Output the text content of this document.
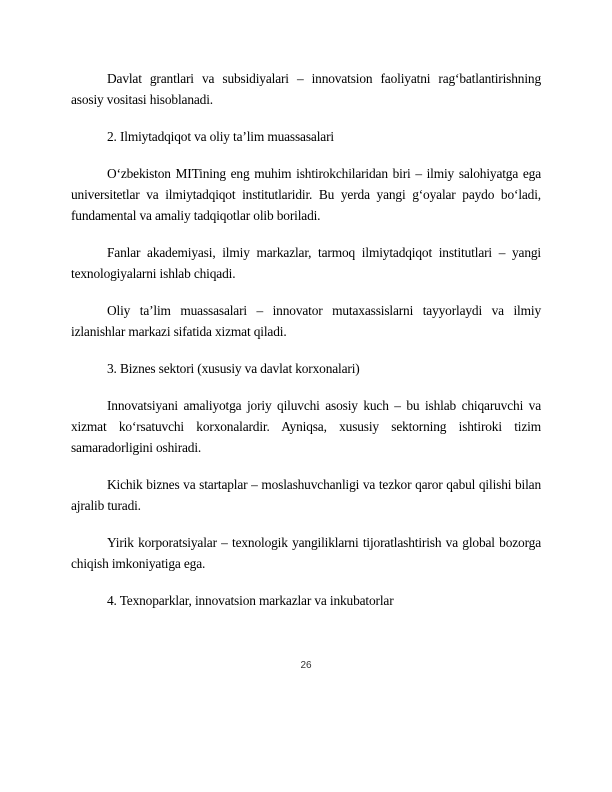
Davlat grantlari va subsidiyalari – innovatsion faoliyatni rag‘batlantirishning asosiy vositasi hisoblanadi.

2. Ilmiytadqiqot va oliy ta’lim muassasalari

O‘zbekiston MITining eng muhim ishtirokchilaridan biri – ilmiy salohiyatga ega universitetlar va ilmiytadqiqot institutlaridir. Bu yerda yangi g‘oyalar paydo bo‘ladi, fundamental va amaliy tadqiqotlar olib boriladi.

Fanlar akademiyasi, ilmiy markazlar, tarmoq ilmiytadqiqot institutlari – yangi texnologiyalarni ishlab chiqadi.

Oliy ta’lim muassasalari – innovator mutaxassislarni tayyorlaydi va ilmiy izlanishlar markazi sifatida xizmat qiladi.

3. Biznes sektori (xususiy va davlat korxonalari)

Innovatsiyani amaliyotga joriy qiluvchi asosiy kuch – bu ishlab chiqaruvchi va xizmat ko‘rsatuvchi korxonalardir. Ayniqsa, xususiy sektorning ishtiroki tizim samaradorligini oshiradi.

Kichik biznes va startaplar – moslashuvchanligi va tezkor qaror qabul qilishi bilan ajralib turadi.

Yirik korporatsiyalar – texnologik yangiliklarni tijoratlashtirish va global bozorga chiqish imkoniyatiga ega.

4. Texnoparklar, innovatsion markazlar va inkubatorlar

26
